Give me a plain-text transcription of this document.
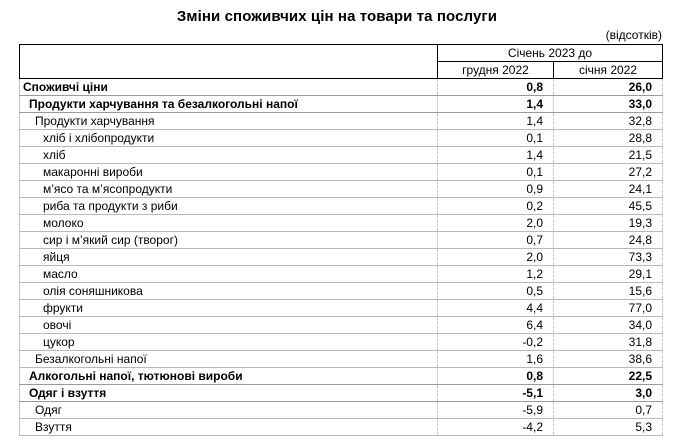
Зміни споживчих цін на товари та послуги
(відсотків)
	Січень 2023 до	
	грудня 2022	січня 2022
Споживчі ціни	0,8	26,0
Продукти харчування та безалкогольні напої	1,4	33,0
Продукти харчування	1,4	32,8
хліб і хлібопродукти	0,1	28,8
хліб	1,4	21,5
макаронні вироби	0,1	27,2
м’ясо та м’ясопродукти	0,9	24,1
риба та продукти з риби	0,2	45,5
молоко	2,0	19,3
сир і м’який сир (творог)	0,7	24,8
яйця	2,0	73,3
масло	1,2	29,1
олія соняшникова	0,5	15,6
фрукти	4,4	77,0
овочі	6,4	34,0
цукор	-0,2	31,8
Безалкогольні напої	1,6	38,6
Алкогольні напої, тютюнові вироби	0,8	22,5
Одяг і взуття	-5,1	3,0
Одяг	-5,9	0,7
Взуття	-4,2	5,3
